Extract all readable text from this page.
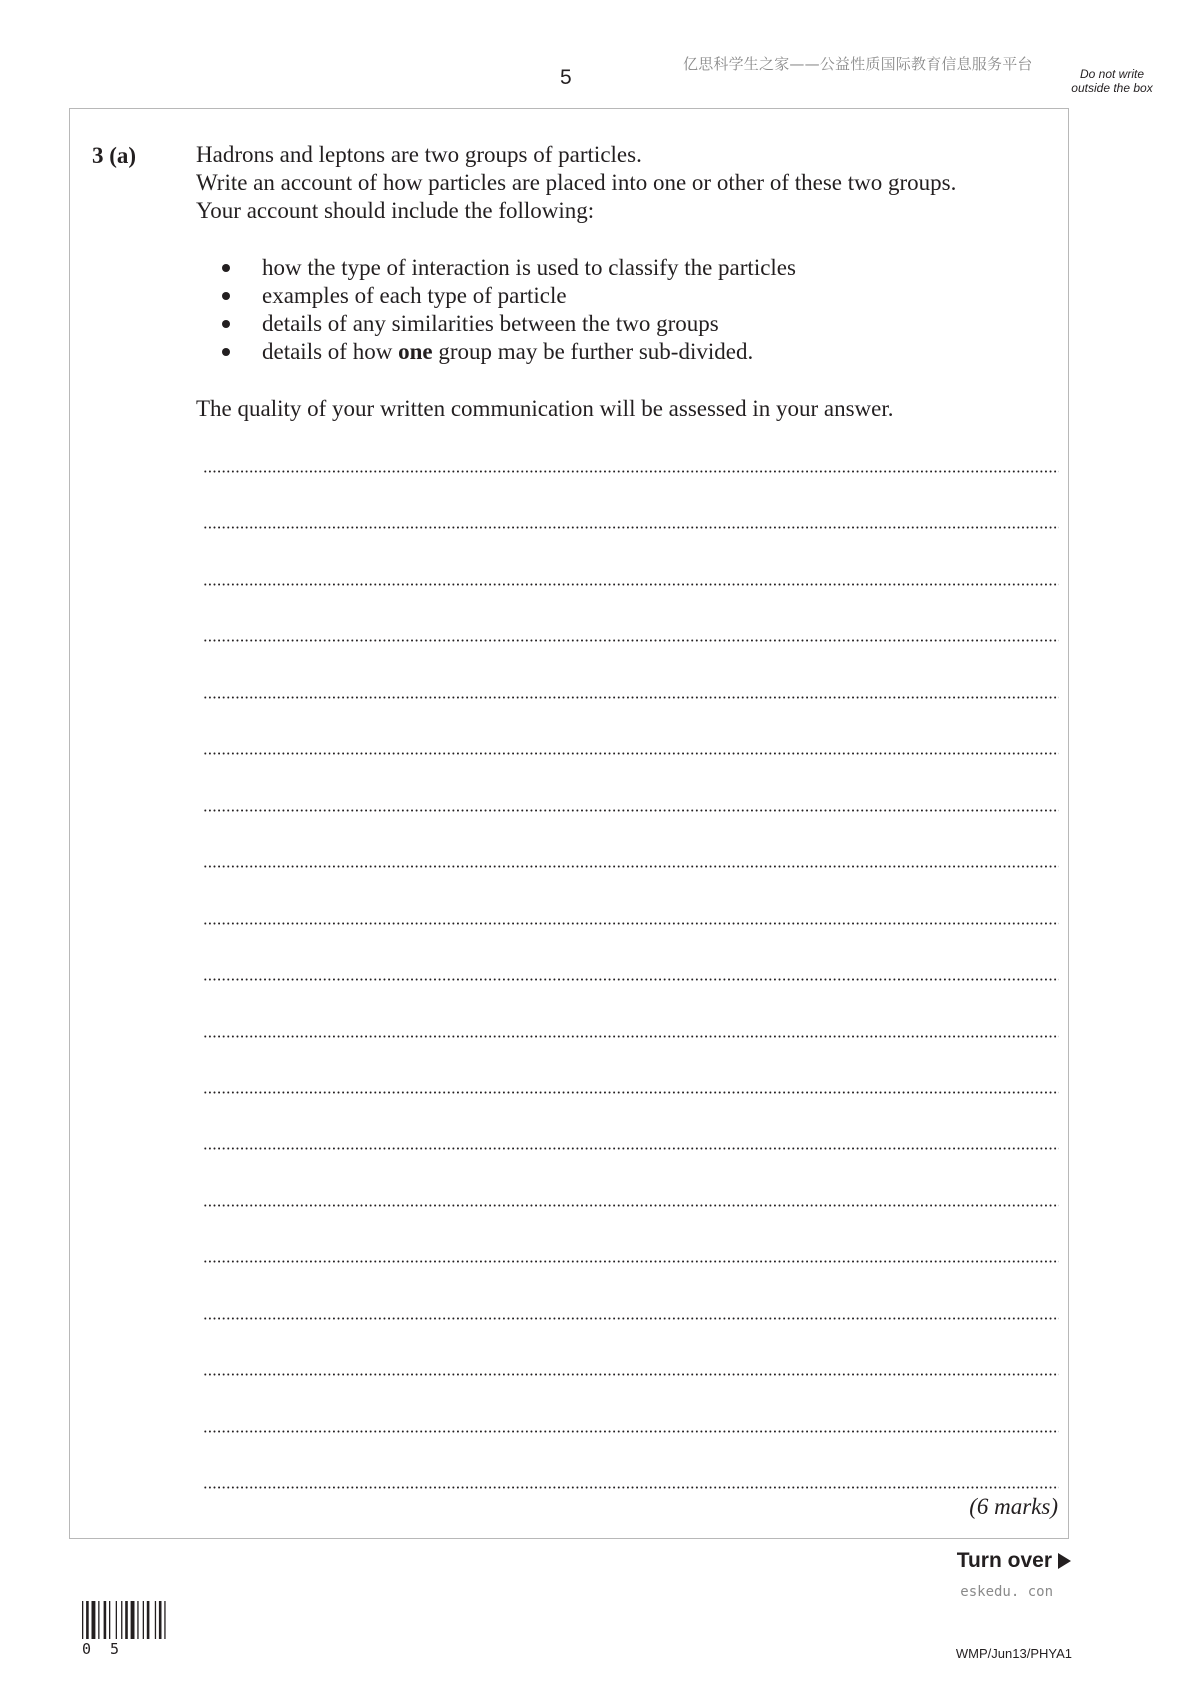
5
亿思科学生之家——公益性质国际教育信息服务平台
Do not write outside the box
3 (a)	Hadrons and leptons are two groups of particles.

Write an account of how particles are placed into one or other of these two groups.

Your account should include the following:

how the type of interaction is used to classify the particles
examples of each type of particle
details of any similarities between the two groups
details of how one group may be further sub-divided.
The quality of your written communication will be assessed in your answer.
(6 marks)
Turn over
eskedu. con
0 5	WMP/Jun13/PHYA1
